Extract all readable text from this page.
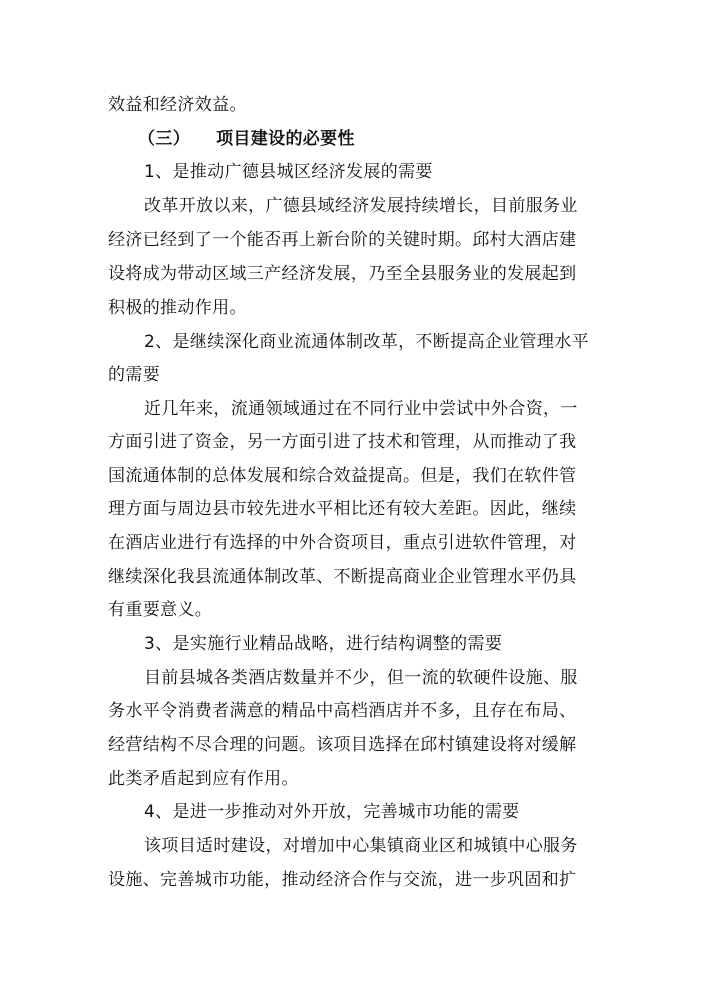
效益和经济效益。
（三） 项目建设的必要性
1、是推动广德县城区经济发展的需要
改革开放以来，广德县域经济发展持续增长，目前服务业
经济已经到了一个能否再上新台阶的关键时期。邱村大酒店建
设将成为带动区域三产经济发展，乃至全县服务业的发展起到
积极的推动作用。
2、是继续深化商业流通体制改革，不断提高企业管理水平
的需要
近几年来，流通领域通过在不同行业中尝试中外合资，一
方面引进了资金，另一方面引进了技术和管理，从而推动了我
国流通体制的总体发展和综合效益提高。但是，我们在软件管
理方面与周边县市较先进水平相比还有较大差距。因此，继续
在酒店业进行有选择的中外合资项目，重点引进软件管理，对
继续深化我县流通体制改革、不断提高商业企业管理水平仍具
有重要意义。
3、是实施行业精品战略，进行结构调整的需要
目前县城各类酒店数量并不少，但一流的软硬件设施、服
务水平令消费者满意的精品中高档酒店并不多，且存在布局、
经营结构不尽合理的问题。该项目选择在邱村镇建设将对缓解
此类矛盾起到应有作用。
4、是进一步推动对外开放，完善城市功能的需要
该项目适时建设，对增加中心集镇商业区和城镇中心服务
设施、完善城市功能，推动经济合作与交流，进一步巩固和扩
